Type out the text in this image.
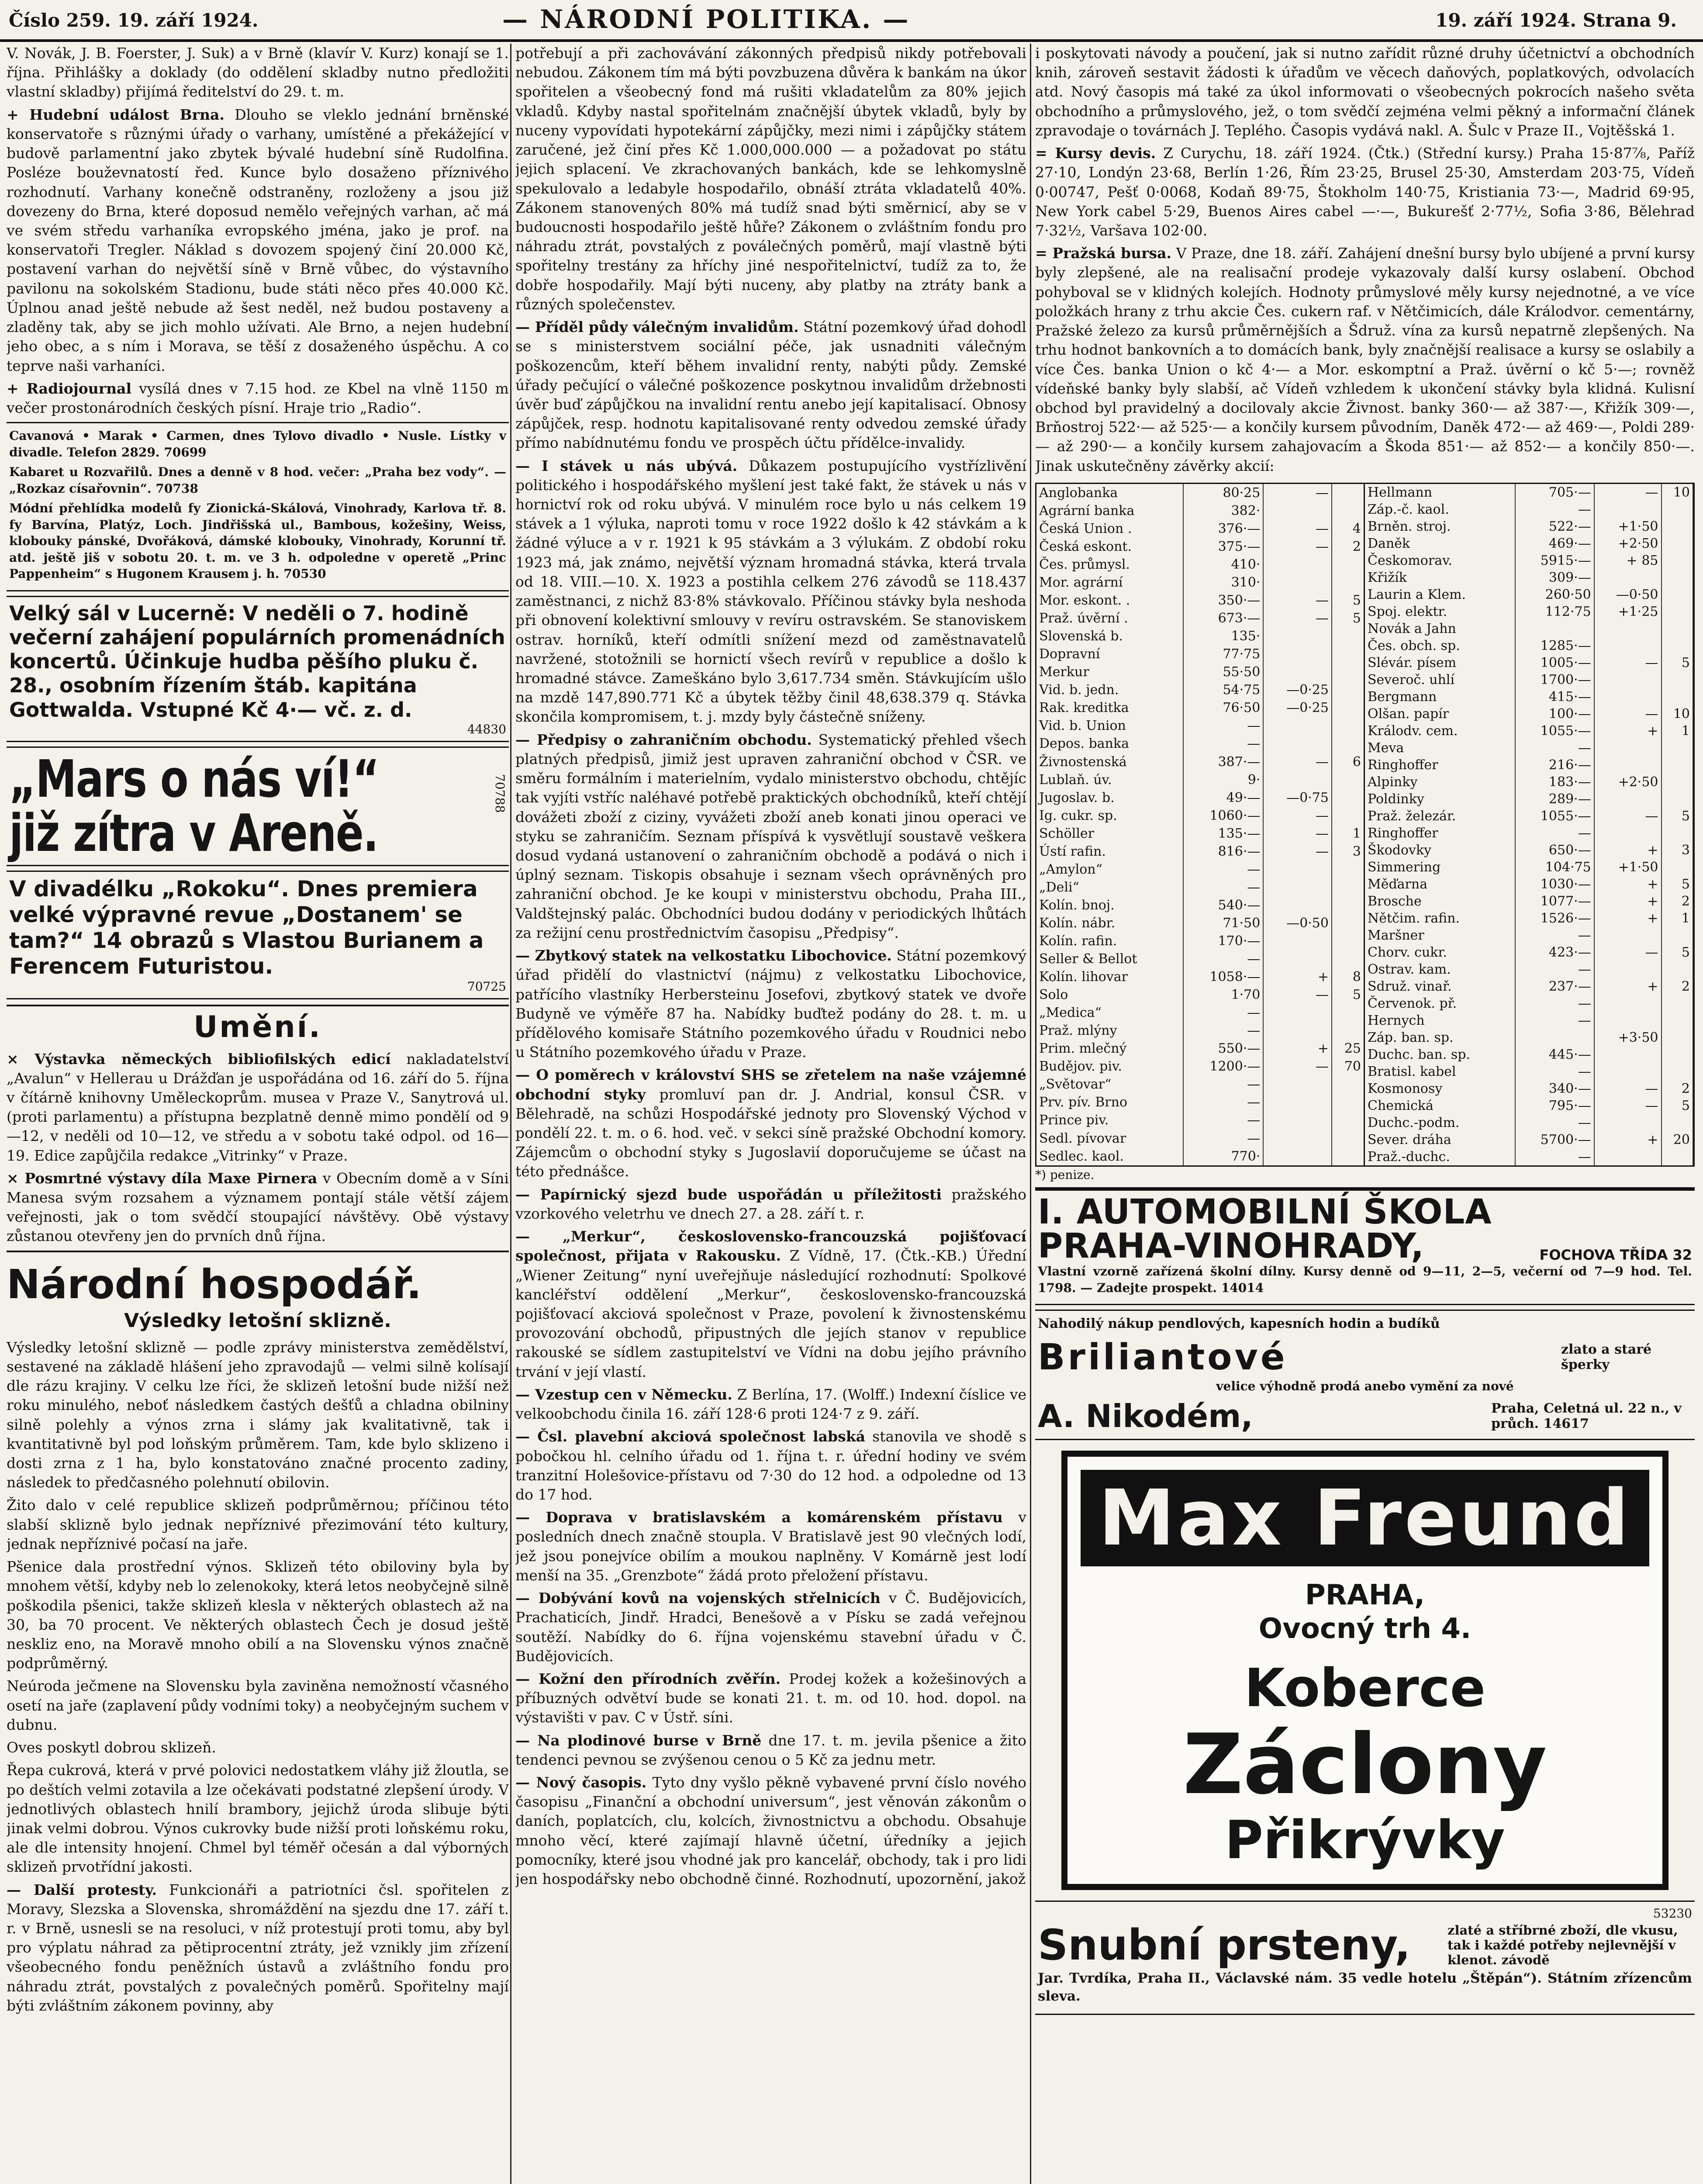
Číslo 259. 19. září 1924.	— NÁRODNÍ POLITIKA. —	19. září 1924. Strana 9.

V. Novák, J. B. Foerster, J. Suk) a v Brně (klavír V. Kurz) konají se 1. října. Přihlášky a doklady (do oddělení skladby nutno předložiti vlastní skladby) přijímá ředitelství do 29. t. m.

+ Hudební událost Brna. Dlouho se vleklo jednání brněnské konservatoře s různými úřady o varhany, umístěné a překážející v budově parlamentní jako zbytek bývalé hudební síně Rudolfina. Posléze bouževnatostí řed. Kunce bylo dosaženo příznivého rozhodnutí. Varhany konečně odstraněny, rozloženy a jsou již dovezeny do Brna, které doposud nemělo veřejných varhan, ač má ve svém středu varhaníka evropského jména, jako je prof. na konservatoři Tregler. Náklad s dovozem spojený činí 20.000 Kč, postavení varhan do největší síně v Brně vůbec, do výstavního pavilonu na sokolském Stadionu, bude státi něco přes 40.000 Kč. Úplnou anad ještě nebude až šest neděl, než budou postaveny a zladěny tak, aby se jich mohlo užívati. Ale Brno, a nejen hudební jeho obec, a s ním i Morava, se těší z dosaženého úspěchu. A co teprve naši varhaníci.

+ Radiojournal vysílá dnes v 7.15 hod. ze Kbel na vlně 1150 m večer prostonárodních českých písní. Hraje trio „Radio“.

Cavanová • Marak • Carmen, dnes Tylovo divadlo • Nusle. Lístky v divadle. Telefon 2829. 70699

Kabaret u Rozvařilů. Dnes a denně v 8 hod. večer: „Praha bez vody“. — „Rozkaz císařovnin“. 70738

Módní přehlídka modelů fy Zionická-Skálová, Vinohrady, Karlova tř. 8. fy Barvína, Platýz, Loch. Jindřišská ul., Bambous, kožešiny, Weiss, klobouky pánské, Dvořáková, dámské klobouky, Vinohrady, Korunní tř. atd. ještě jiš v sobotu 20. t. m. ve 3 h. odpoledne v operetě „Princ Pappenheim“ s Hugonem Krausem j. h. 70530

Velký sál v Lucerně: V neděli o 7. hodině večerní zahájení populárních promenádních koncertů. Účinkuje hudba pěšího pluku č. 28., osobním řízením štáb. kapitána Gottwalda. Vstupné Kč 4·— vč. z. d.
44830
„Mars o nás ví!“
již zítra v Areně.
70788
V divadélku „Rokoku“. Dnes premiera velké výpravné revue „Dostanem' se tam?“ 14 obrazů s Vlastou Burianem a Ferencem Futuristou.
70725
Umění.

× Výstavka německých bibliofilských edicí nakladatelství „Avalun“ v Hellerau u Drážďan je uspořádána od 16. září do 5. října v čítárně knihovny Uměleckoprům. musea v Praze V., Sanytrová ul. (proti parlamentu) a přístupna bezplatně denně mimo pondělí od 9—12, v neděli od 10—12, ve středu a v sobotu také odpol. od 16—19. Edice zapůjčila redakce „Vitrinky“ v Praze.

× Posmrtné výstavy díla Maxe Pirnera v Obecním domě a v Síni Manesa svým rozsahem a významem pontají stále větší zájem veřejnosti, jak o tom svědčí stoupající návštěvy. Obě výstavy zůstanou otevřeny jen do prvních dnů října.

Národní hospodář.
Výsledky letošní sklizně.

Výsledky letošní sklizně — podle zprávy ministerstva zemědělství, sestavené na základě hlášení jeho zpravodajů — velmi silně kolísají dle rázu krajiny. V celku lze říci, že sklizeň letošní bude nižší než roku minulého, neboť následkem častých dešťů a chladna obilniny silně polehly a výnos zrna i slámy jak kvalitativně, tak i kvantitativně byl pod loňským průměrem. Tam, kde bylo sklizeno i dosti zrna z 1 ha, bylo konstatováno značné procento zadiny, následek to předčasného polehnutí obilovin.

Žito dalo v celé republice sklizeň podprůměrnou; příčinou této slabší sklizně bylo jednak nepříznivé přezimování této kultury, jednak nepříznivé počasí na jaře.

Pšenice dala prostřední výnos. Sklizeň této obiloviny byla by mnohem větší, kdyby neb lo zelenokoky, která letos neobyčejně silně poškodila pšenici, takže sklizeň klesla v některých oblastech až na 30, ba 70 procent. Ve některých oblastech Čech je dosud ještě neskliz eno, na Moravě mnoho obilí a na Slovensku výnos značně podprůměrný.

Neúroda ječmene na Slovensku byla zaviněna nemožností včasného osetí na jaře (zaplavení půdy vodními toky) a neobyčejným suchem v dubnu.

Oves poskytl dobrou sklizeň.

Řepa cukrová, která v prvé polovici nedostatkem vláhy již žloutla, se po deštích velmi zotavila a lze očekávati podstatné zlepšení úrody. V jednotlivých oblastech hnilí brambory, jejichž úroda slibuje býti jinak velmi dobrou. Výnos cukrovky bude nižší proti loňskému roku, ale dle intensity hnojení. Chmel byl téměř očesán a dal výborných sklizeň prvotřídní jakosti.

— Další protesty. Funkcionáři a patriotníci čsl. spořitelen z Moravy, Slezska a Slovenska, shromáždění na sjezdu dne 17. září t. r. v Brně, usnesli se na resoluci, v níž protestují proti tomu, aby byl pro výplatu náhrad za pětiprocentní ztráty, jež vznikly jim zřízení všeobecného fondu peněžních ústavů a zvláštního fondu pro náhradu ztrát, povstalých z povalečných poměrů. Spořitelny mají býti zvláštním zákonem povinny, aby

potřebují a při zachovávání zákonných předpisů nikdy potřebovali nebudou. Zákonem tím má býti povzbuzena důvěra k bankám na úkor spořitelen a všeobecný fond má rušiti vkladatelům za 80% jejich vkladů. Kdyby nastal spořitelnám značnější úbytek vkladů, byly by nuceny vypovídati hypotekární zápůjčky, mezi nimi i zápůjčky státem zaručené, jež činí přes Kč 1.000,000.000 — a požadovat po státu jejich splacení. Ve zkrachovaných bankách, kde se lehkomyslně spekulovalo a ledabyle hospodařilo, obnáší ztráta vkladatelů 40%. Zákonem stanovených 80% má tudíž snad býti směrnicí, aby se v budoucnosti hospodařilo ještě hůře? Zákonem o zvláštním fondu pro náhradu ztrát, povstalých z poválečných poměrů, mají vlastně býti spořitelny trestány za hříchy jiné nespořitelnictví, tudíž za to, že dobře hospodařily. Mají býti nuceny, aby platby na ztráty bank a různých společenstev.

— Příděl půdy válečným invalidům. Státní pozemkový úřad dohodl se s ministerstvem sociální péče, jak usnadniti válečným poškozencům, kteří během invalidní renty, nabýti půdy. Zemské úřady pečující o válečné poškozence poskytnou invalidům držebnosti úvěr buď zápůjčkou na invalidní rentu anebo její kapitalisací. Obnosy zápůjček, resp. hodnotu kapitalisované renty odvedou zemské úřady přímo nabídnutému fondu ve prospěch účtu přídělce-invalidy.

— I stávek u nás ubývá. Důkazem postupujícího vystřízlivění politického i hospodářského myšlení jest také fakt, že stávek u nás v hornictví rok od roku ubývá. V minulém roce bylo u nás celkem 19 stávek a 1 výluka, naproti tomu v roce 1922 došlo k 42 stávkám a k žádné výluce a v r. 1921 k 95 stávkám a 3 výlukám. Z období roku 1923 má, jak známo, největší význam hromadná stávka, která trvala od 18. VIII.—10. X. 1923 a postihla celkem 276 závodů se 118.437 zaměstnanci, z nichž 83·8% stávkovalo. Příčinou stávky byla neshoda při obnovení kolektivní smlouvy v revíru ostravském. Se stanoviskem ostrav. horníků, kteří odmítli snížení mezd od zaměstnavatelů navržené, stotožnili se hornictí všech revírů v republice a došlo k hromadné stávce. Zameškáno bylo 3,617.734 směn. Stávkujícím ušlo na mzdě 147,890.771 Kč a úbytek těžby činil 48,638.379 q. Stávka skončila kompromisem, t. j. mzdy byly částečně sníženy.

— Předpisy o zahraničním obchodu. Systematický přehled všech platných předpisů, jimiž jest upraven zahraniční obchod v ČSR. ve směru formálním i materielním, vydalo ministerstvo obchodu, chtějíc tak vyjíti vstříc naléhavé potřebě praktických obchodníků, kteří chtějí dovážeti zboží z ciziny, vyvážeti zboží aneb konati jinou operaci ve styku se zahraničím. Seznam příspívá k vysvětlují soustavě veškera dosud vydaná ustanovení o zahraničním obchodě a podává o nich i úplný seznam. Tiskopis obsahuje i seznam všech oprávněných pro zahraniční obchod. Je ke koupi v ministerstvu obchodu, Praha III., Valdštejnský palác. Obchodníci budou dodány v periodických lhůtách za režijní cenu prostřednictvím časopisu „Předpisy“.

— Zbytkový statek na velkostatku Libochovice. Státní pozemkový úřad přidělí do vlastnictví (nájmu) z velkostatku Libochovice, patřícího vlastníky Herbersteinu Josefovi, zbytkový statek ve dvoře Budyně ve výměře 87 ha. Nabídky buďtež podány do 28. t. m. u přídělového komisaře Státního pozemkového úřadu v Roudnici nebo u Státního pozemkového úřadu v Praze.

— O poměrech v království SHS se zřetelem na naše vzájemné obchodní styky promluví pan dr. J. Andrial, konsul ČSR. v Bělehradě, na schůzi Hospodářské jednoty pro Slovenský Východ v pondělí 22. t. m. o 6. hod. več. v sekci síně pražské Obchodní komory. Zájemcům o obchodní styky s Jugoslavií doporučujeme se účast na této přednášce.

— Papírnický sjezd bude uspořádán u příležitosti pražského vzorkového veletrhu ve dnech 27. a 28. září t. r.

— „Merkur“, československo-francouzská pojišťovací společnost, přijata v Rakousku. Z Vídně, 17. (Čtk.-KB.) Úřední „Wiener Zeitung“ nyní uveřejňuje následující rozhodnutí: Spolkové kancléřství oddělení „Merkur“, československo-francouzská pojišťovací akciová společnost v Praze, povolení k živnostenskému provozování obchodů, připustných dle jejích stanov v republice rakouské se sídlem zastupitelství ve Vídni na dobu jejího právního trvání v její vlastí.

— Vzestup cen v Německu. Z Berlína, 17. (Wolff.) Indexní číslice ve velkoobchodu činila 16. září 128·6 proti 124·7 z 9. září.

— Čsl. plavební akciová společnost labská stanovila ve shodě s pobočkou hl. celního úřadu od 1. října t. r. úřední hodiny ve svém tranzitní Holešovice-přístavu od 7·30 do 12 hod. a odpoledne od 13 do 17 hod.

— Doprava v bratislavském a komárenském přístavu v posledních dnech značně stoupla. V Bratislavě jest 90 vlečných lodí, jež jsou ponejvíce obilím a moukou naplněny. V Komárně jest lodí menší na 35. „Grenzbote“ žádá proto přeložení přístavu.

— Dobývání kovů na vojenských střelnicích v Č. Budějovicích, Prachaticích, Jindř. Hradci, Benešově a v Písku se zadá veřejnou soutěží. Nabídky do 6. října vojenskému stavební úřadu v Č. Budějovicích.

— Kožní den přírodních zvěřín. Prodej kožek a kožešinových a příbuzných odvětví bude se konati 21. t. m. od 10. hod. dopol. na výstavišti v pav. C v Ústř. síni.

— Na plodinové burse v Brně dne 17. t. m. jevila pšenice a žito tendenci pevnou se zvýšenou cenou o 5 Kč za jednu metr.

— Nový časopis. Tyto dny vyšlo pěkně vybavené první číslo nového časopisu „Finanční a obchodní universum“, jest věnován zákonům o daních, poplatcích, clu, kolcích, živnostnictvu a obchodu. Obsahuje mnoho věcí, které zajímají hlavně účetní, úředníky a jejich pomocníky, které jsou vhodné jak pro kancelář, obchody, tak i pro lidi jen hospodářsky nebo obchodně činné. Rozhodnutí, upozornění, jakož

i poskytovati návody a poučení, jak si nutno zařídit různé druhy účetnictví a obchodních knih, zároveň sestavit žádosti k úřadům ve věcech daňových, poplatkových, odvolacích atd. Nový časopis má také za úkol informovati o všeobecných pokrocích našeho světa obchodního a průmyslového, jež, o tom svědčí zejména velmi pěkný a informační článek zpravodaje o továrnách J. Teplého. Časopis vydává nakl. A. Šulc v Praze II., Vojtěšská 1.

= Kursy devis. Z Curychu, 18. září 1924. (Čtk.) (Střední kursy.) Praha 15·87⅞, Paříž 27·10, Londýn 23·68, Berlín 1·26, Řím 23·25, Brusel 25·30, Amsterdam 203·75, Vídeň 0·00747, Pešť 0·0068, Kodaň 89·75, Štokholm 140·75, Kristiania 73·—, Madrid 69·95, New York cabel 5·29, Buenos Aires cabel —·—, Bukurešť 2·77½, Sofia 3·86, Bělehrad 7·32½, Varšava 102·00.

= Pražská bursa. V Praze, dne 18. září. Zahájení dnešní bursy bylo ubíjené a první kursy byly zlepšené, ale na realisační prodeje vykazovaly další kursy oslabení. Obchod pohyboval se v klidných kolejích. Hodnoty průmyslové měly kursy nejednotné, a ve více položkách hrany z trhu akcie Čes. cukern raf. v Nětčimicích, dále Králodvor. cementárny, Pražské železo za kursů průměrnějších a Šdruž. vína za kursů nepatrně zlepšených. Na trhu hodnot bankovních a to domácích bank, byly značnější realisace a kursy se oslabily a více Čes. banka Union o kč 4·— a Mor. eskomptní a Praž. úvěrní o kč 5·—; rovněž vídeňské banky byly slabší, ač Vídeň vzhledem k ukončení stávky byla klidná. Kulisní obchod byl pravidelný a docilovaly akcie Živnost. banky 360·— až 387·—, Křižík 309·—, Brňostroj 522·— až 525·— a končily kursem původním, Daněk 472·— až 469·—, Poldi 289·— až 290·— a končily kursem zahajovacím a Škoda 851·— až 852·— a končily 850·—. Jinak uskutečněny závěrky akcií:

Anglobanka	80·25	—	
Agrární banka	382·		
Česká Union .	376·—	—	4
Česká eskont.	375·—	—	2
Čes. průmysl.	410·		
Mor. agrární	310·		
Mor. eskont. .	350·—	—	5
Praž. úvěrní .	673·—	—	5
Slovenská b.	135·		
Dopravní	77·75		
Merkur	55·50		
Vid. b. jedn.	54·75	—0·25	
Rak. kreditka	76·50	—0·25	
Vid. b. Union	—		
Depos. banka	—		
Živnostenská	387·—	—	6
Lublaň. úv.	9·		
Jugoslav. b.	49·—	—0·75	
Ig. cukr. sp.	1060·—	—	
Schöller	135·—	—	1
Ústí rafin.	816·—	—	3
„Amylon“	—		
„Deli“	—		
Kolín. bnoj.	540·—		
Kolín. nábr.	71·50	—0·50	
Kolín. rafin.	170·—		
Seller & Bellot	—		
Kolín. lihovar	1058·—	+	8
Solo	1·70	—	5
„Medica“	—		
Praž. mlýny	—		
Prim. mlečný	550·—	+	25
Budějov. piv.	1200·—	—	70
„Světovar“	—		
Prv. pív. Brno	—		
Prince piv.	—		
Sedl. pívovar	—		
Sedlec. kaol.	770·		
Hellmann	705·—	—	10
Záp.-č. kaol.	—		
Brněn. stroj.	522·—	+1·50	
Daněk	469·—	+2·50	
Českomorav.	5915·—	+ 85	
Křižík	309·—		
Laurin a Klem.	260·50	—0·50	
Spoj. elektr.	112·75	+1·25	
Novák a Jahn			
Čes. obch. sp.	1285·—		
Slévár. písem	1005·—	—	5
Severoč. uhlí	1700·—		
Bergmann	415·—		
Olšan. papír	100·—	—	10
Králodv. cem.	1055·—	+	1
Meva	—		
Ringhoffer	216·—		
Alpinky	183·—	+2·50	
Poldinky	289·—		
Praž. železár.	1055·—	—	5
Ringhoffer	—		
Škodovky	650·—	+	3
Simmering	104·75	+1·50	
Měďarna	1030·—	+	5
Brosche	1077·—	+	2
Nětčim. rafin.	1526·—	+	1
Maršner	—		
Chorv. cukr.	423·—	—	5
Ostrav. kam.	—		
Sdruž. vinař.	237·—	+	2
Červenok. př.	—		
Hernych	—		
Záp. ban. sp.		+3·50	
Duchc. ban. sp.	445·—		
Bratisl. kabel	—		
Kosmonosy	340·—	—	2
Chemická	795·—	—	5
Duchc.-podm.	—		
Sever. dráha	5700·—	+	20
Praž.-duchc.	—		

*) penize.

I. AUTOMOBILNÍ ŠKOLA
PRAHA-VINOHRADY,	FOCHOVA TŘÍDA 32

Vlastní vzorně zařízená školní dílny. Kursy denně od 9—11, 2—5, večerní od 7—9 hod. Tel. 1798. — Zadejte prospekt. 14014

Nahodilý nákup pendlových, kapesních hodin a budíků

Briliantové	zlato a staré šperky

velice výhodně prodá anebo vymění za nové

A. Nikodém,	Praha, Celetná ul. 22 n., v průch. 14617
Max Freund
PRAHA,
Ovocný trh 4.
Koberce
Záclony
Přikrývky
53230
Snubní prsteny,	zlaté a stříbrné zboží, dle vkusu, tak i každé potřeby nejlevnější v klenot. závodě

Jar. Tvrdíka, Praha II., Václavské nám. 35 vedle hotelu „Štěpán“). Státním zřízencům sleva.
